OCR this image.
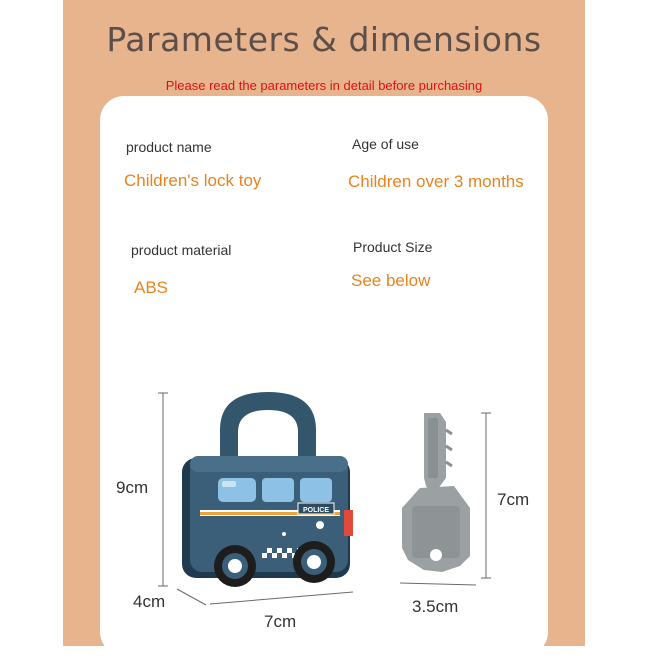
Parameters & dimensions
Please read the parameters in detail before purchasing
product name
Children's lock toy
Age of use
Children over 3 months
product material
ABS
Product Size
See below
POLICE
TAKARA
9cm
4cm
7cm
7cm
3.5cm
